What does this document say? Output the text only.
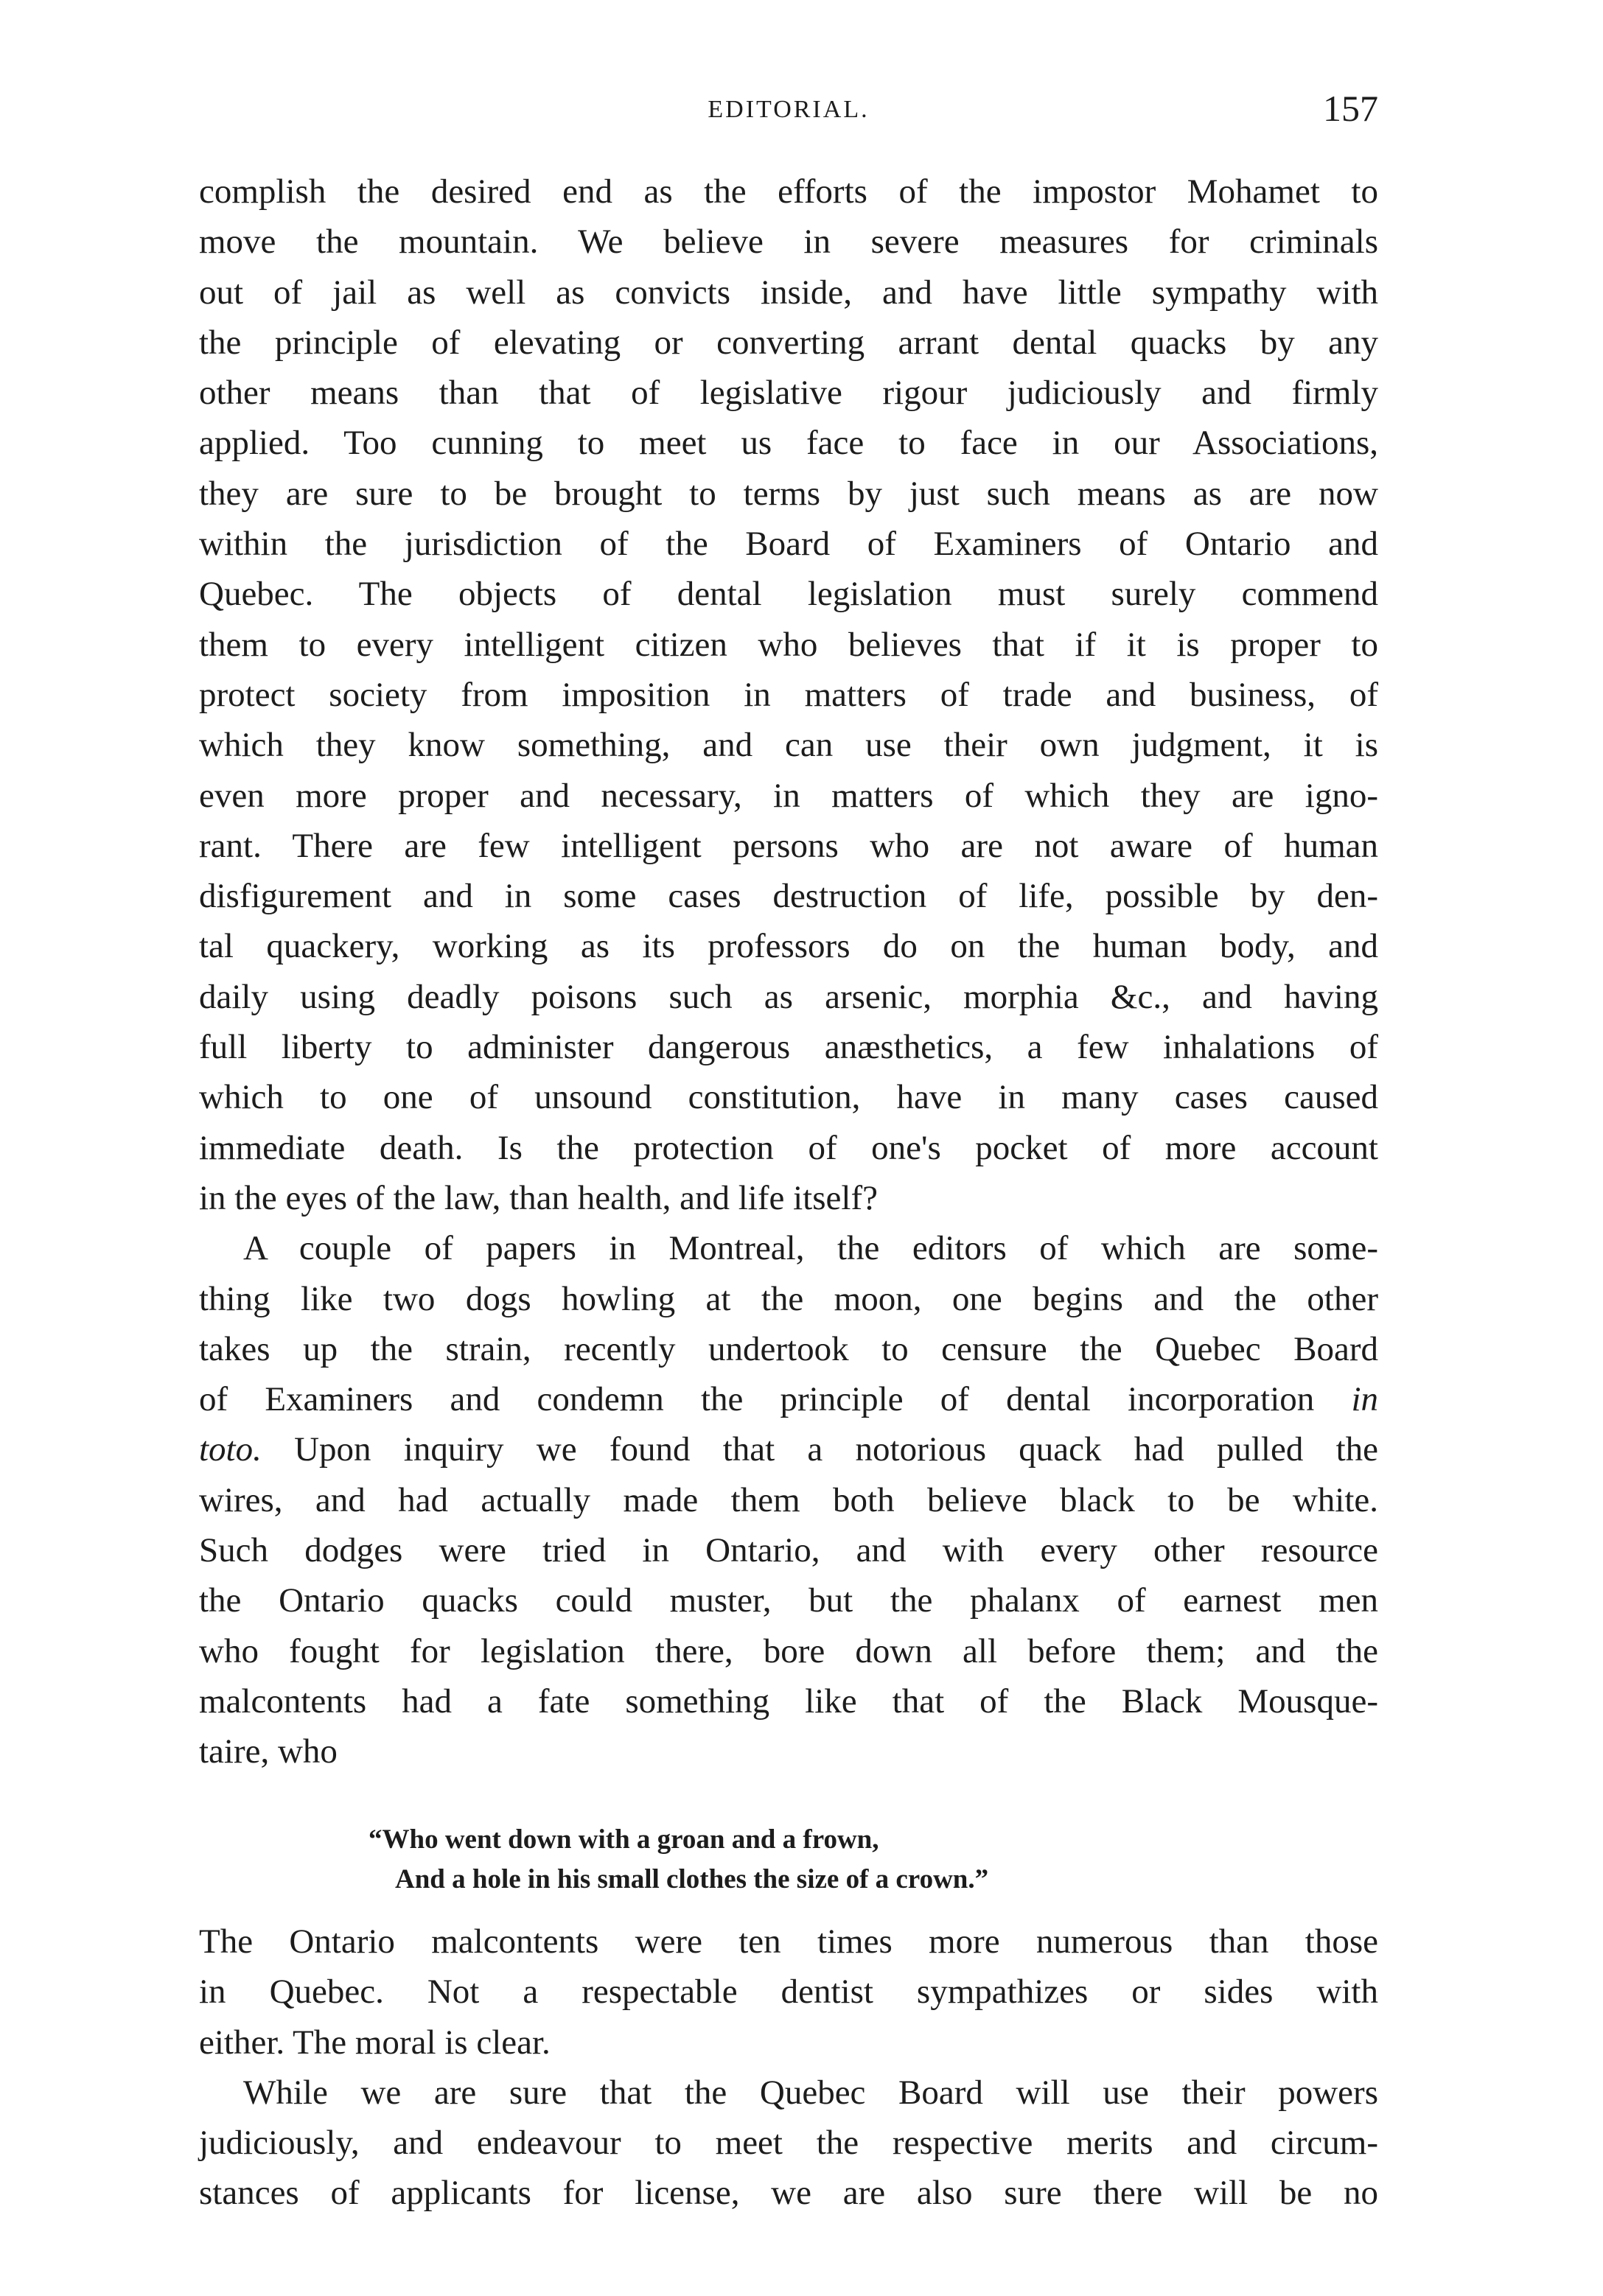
EDITORIAL.	157
complish the desired end as the efforts of the impostor Mohamet to
move the mountain. We believe in severe measures for criminals
out of jail as well as convicts inside, and have little sympathy with
the principle of elevating or converting arrant dental quacks by any
other means than that of legislative rigour judiciously and firmly
applied. Too cunning to meet us face to face in our Associations,
they are sure to be brought to terms by just such means as are now
within the jurisdiction of the Board of Examiners of Ontario and
Quebec. The objects of dental legislation must surely commend
them to every intelligent citizen who believes that if it is proper to
protect society from imposition in matters of trade and business, of
which they know something, and can use their own judgment, it is
even more proper and necessary, in matters of which they are igno-
rant. There are few intelligent persons who are not aware of human
disfigurement and in some cases destruction of life, possible by den-
tal quackery, working as its professors do on the human body, and
daily using deadly poisons such as arsenic, morphia &c., and having
full liberty to administer dangerous anæsthetics, a few inhalations of
which to one of unsound constitution, have in many cases caused
immediate death. Is the protection of one's pocket of more account
in the eyes of the law, than health, and life itself?
A couple of papers in Montreal, the editors of which are some-
thing like two dogs howling at the moon, one begins and the other
takes up the strain, recently undertook to censure the Quebec Board
of Examiners and condemn the principle of dental incorporation in
toto. Upon inquiry we found that a notorious quack had pulled the
wires, and had actually made them both believe black to be white.
Such dodges were tried in Ontario, and with every other resource
the Ontario quacks could muster, but the phalanx of earnest men
who fought for legislation there, bore down all before them; and the
malcontents had a fate something like that of the Black Mousque-
taire, who
“Who went down with a groan and a frown,
And a hole in his small clothes the size of a crown.”
The Ontario malcontents were ten times more numerous than those
in Quebec. Not a respectable dentist sympathizes or sides with
either. The moral is clear.
While we are sure that the Quebec Board will use their powers
judiciously, and endeavour to meet the respective merits and circum-
stances of applicants for license, we are also sure there will be no
